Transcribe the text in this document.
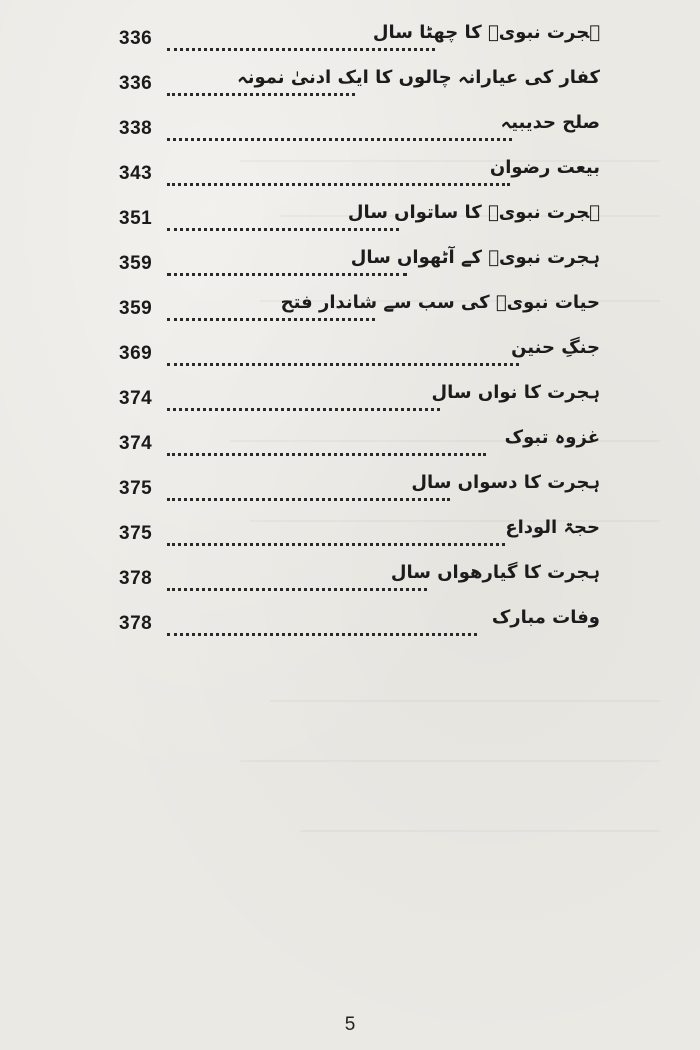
336	ہجرت نبویؐ کا چھٹا سال
336	کفار کی عیارانہ چالوں کا ایک ادنیٰ نمونہ
338	صلح حدیبیہ
343	بیعت رضوان
351	ہجرت نبویؐ کا ساتواں سال
359	ہجرت نبویؐ کے آٹھواں سال
359	حیات نبویؐ کی سب سے شاندار فتح
369	جنگِ حنین
374	ہجرت کا نواں سال
374	غزوہ تبوک
375	ہجرت کا دسواں سال
375	حجۃ الوداع
378	ہجرت کا گیارھواں سال
378	وفات مبارک
5
